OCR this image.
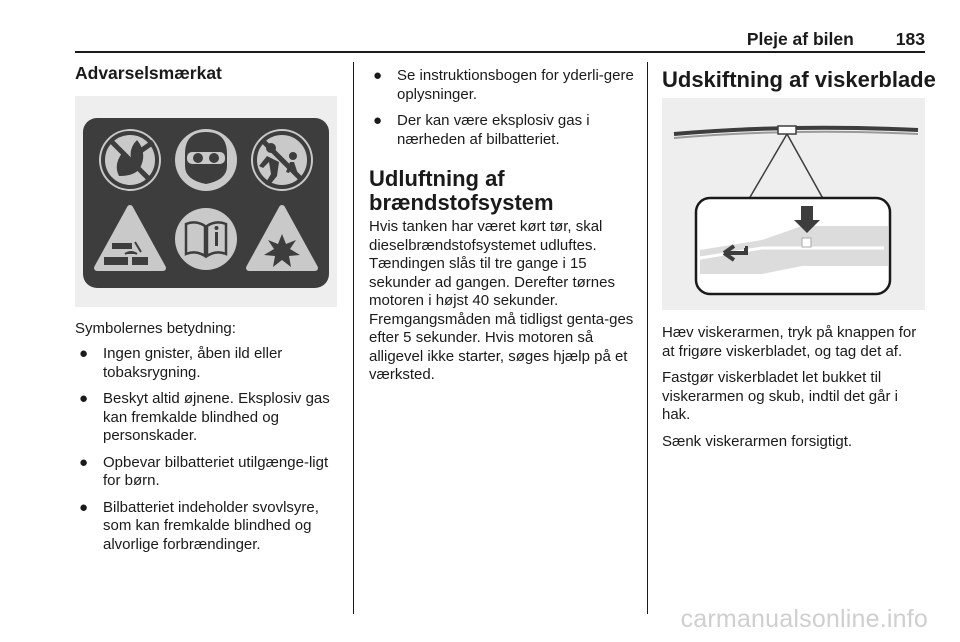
Pleje af bilen 183
Advarselsmærkat
Symbolernes betydning:
● Ingen gnister, åben ild eller tobaksrygning.
● Beskyt altid øjnene. Eksplosiv gas kan fremkalde blindhed og personskader.
● Opbevar bilbatteriet utilgænge-ligt for børn.
● Bilbatteriet indeholder svovlsyre, som kan fremkalde blindhed og alvorlige forbrændinger.
● Se instruktionsbogen for yderli-gere oplysninger.
● Der kan være eksplosiv gas i nærheden af bilbatteriet.
Udluftning af brændstofsystem
Hvis tanken har været kørt tør, skal dieselbrændstofsystemet udluftes. Tændingen slås til tre gange i 15 sekunder ad gangen. Derefter tørnes motoren i højst 40 sekunder. Fremgangsmåden må tidligst genta-ges efter 5 sekunder. Hvis motoren så alligevel ikke starter, søges hjælp på et værksted.
Udskiftning af viskerblade

Hæv viskerarmen, tryk på knappen for at frigøre viskerbladet, og tag det af.

Fastgør viskerbladet let bukket til viskerarmen og skub, indtil det går i hak.

Sænk viskerarmen forsigtigt.

carmanualsonline.info
